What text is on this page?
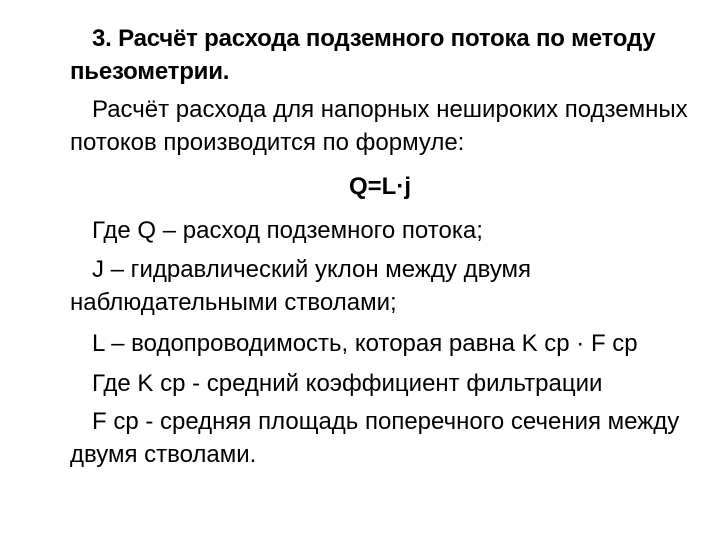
3. Расчёт расхода подземного потока по методу пьезометрии.

Расчёт расхода для напорных неширокиx подземных потоков производится по формуле:

Q=L·j

Где Q – расход подземного потока;

J – гидравлический уклон между двумя наблюдательными стволами;

L – водопроводимость, которая равна K ср · F ср

Где K ср - средний коэффициент фильтрации

F ср - средняя площадь поперечного сечения между двумя стволами.
